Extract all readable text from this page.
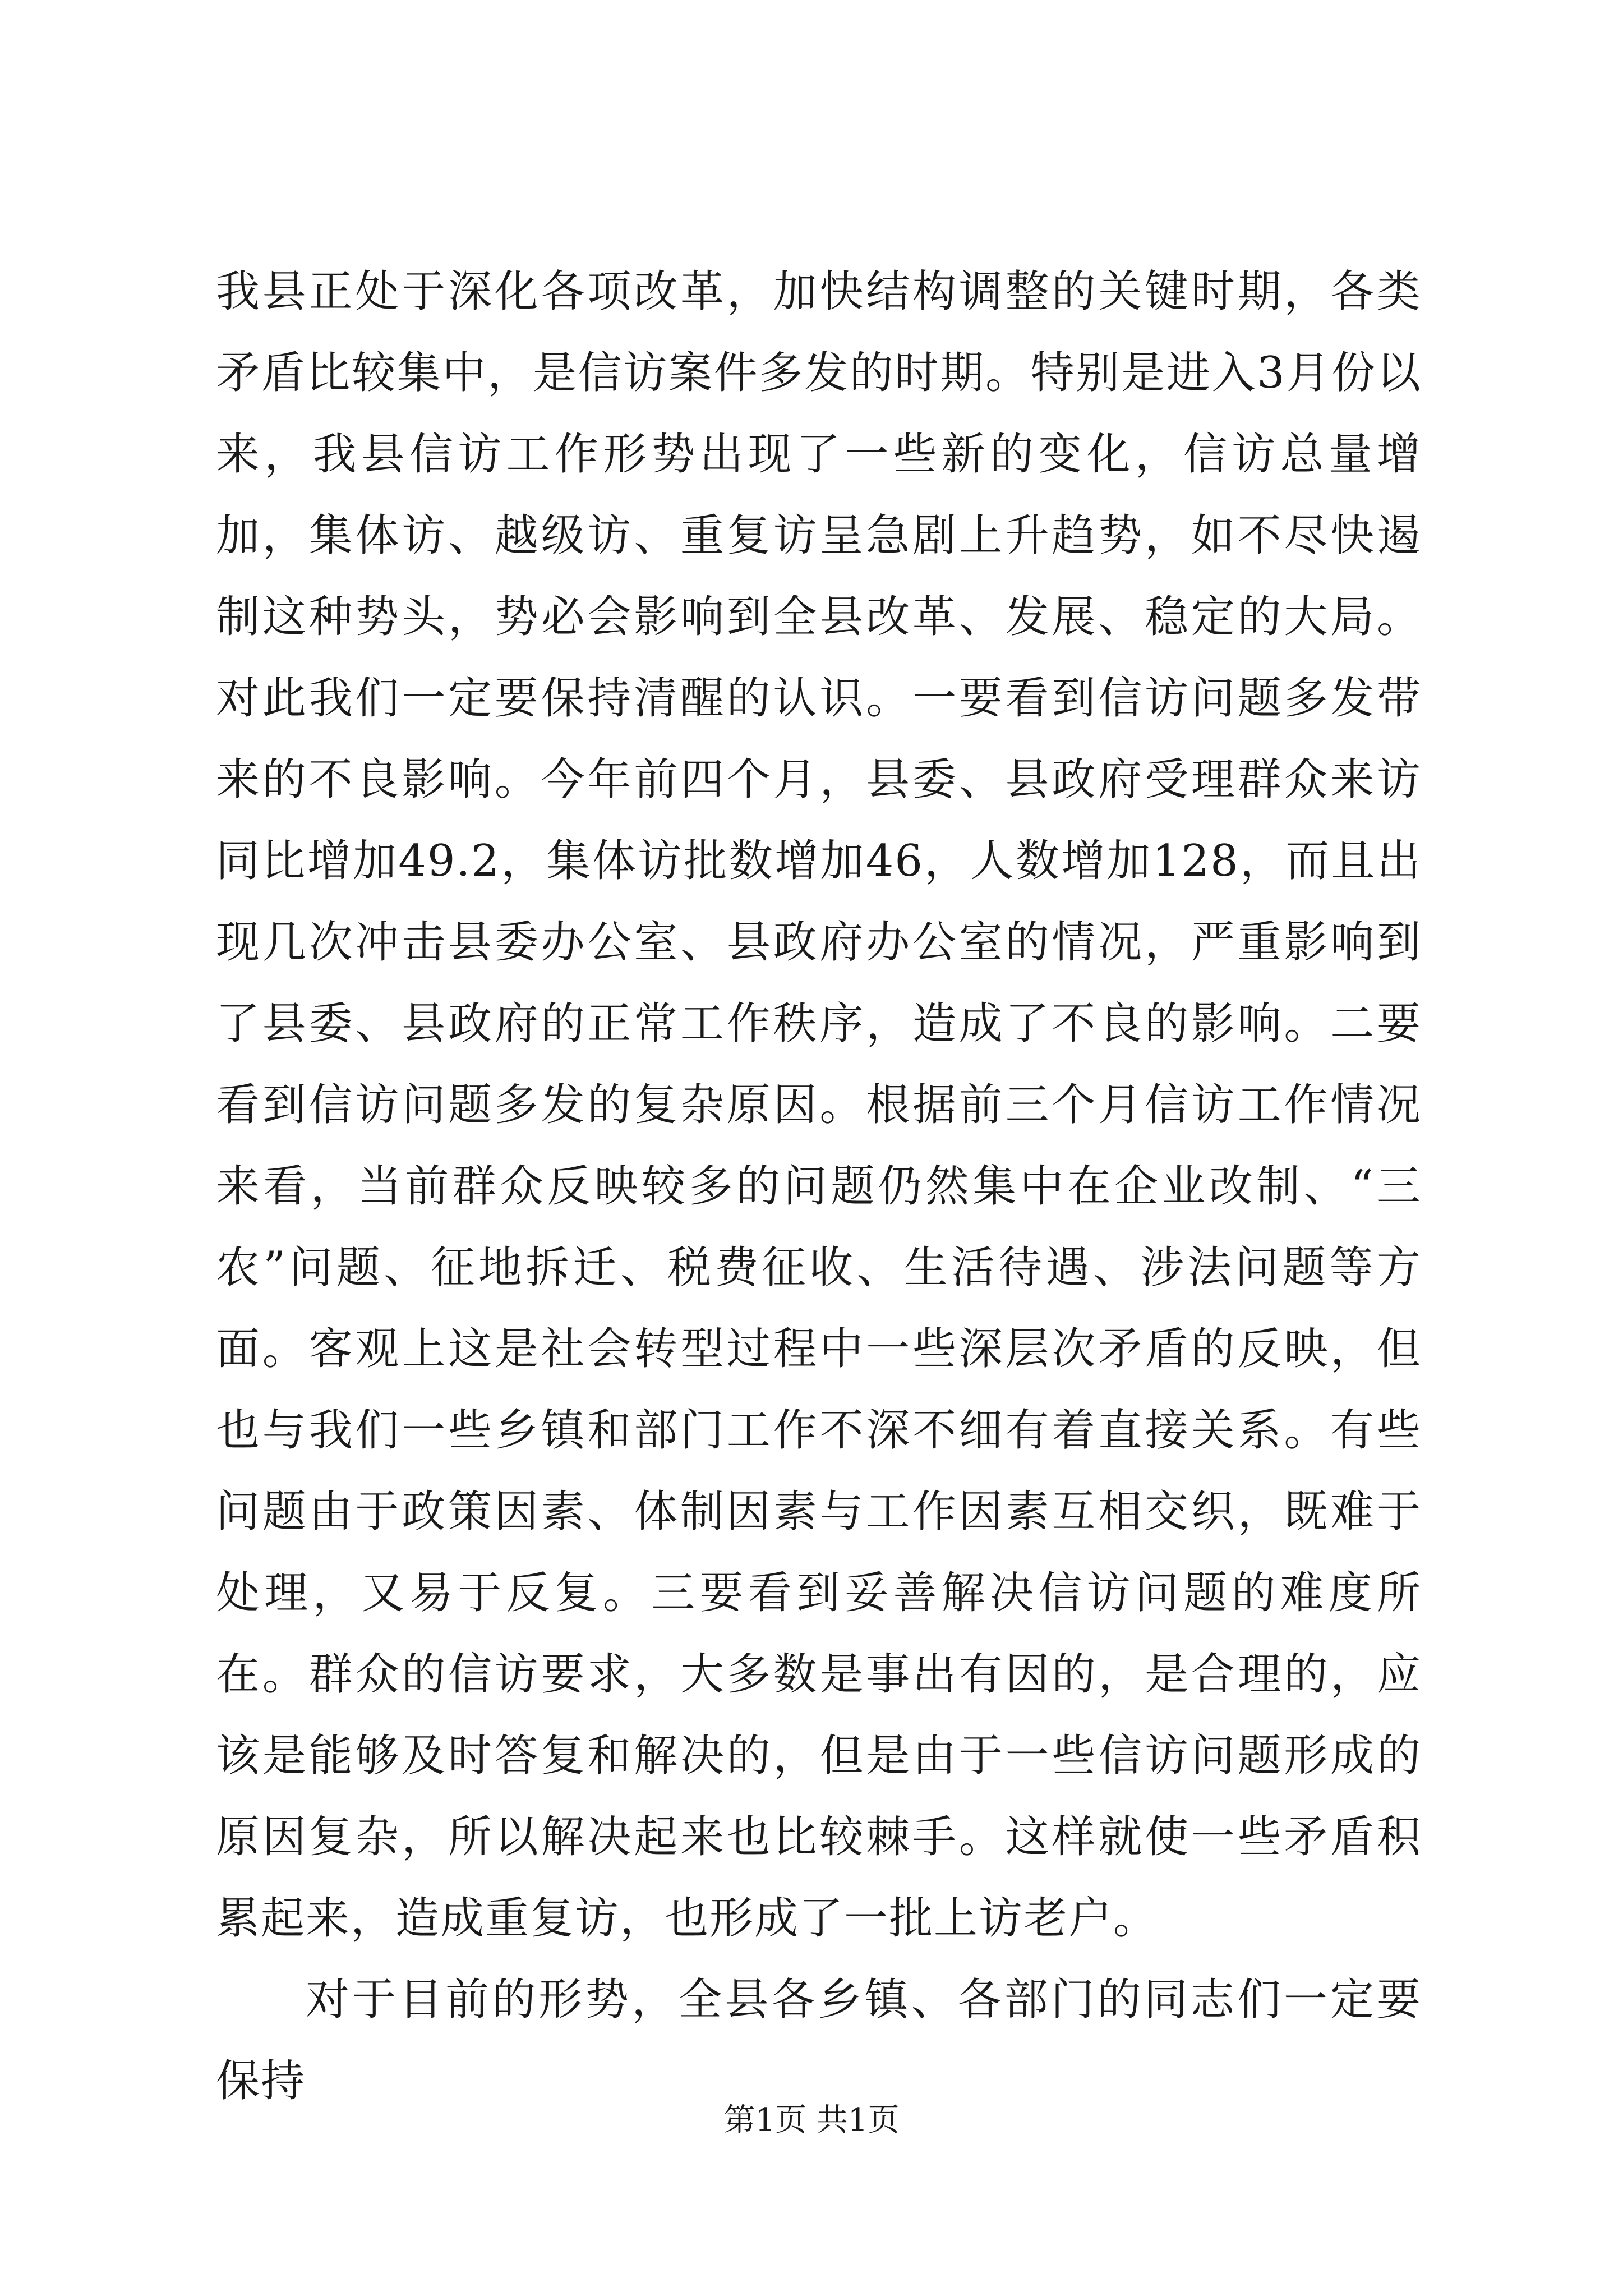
我县正处于深化各项改革，加快结构调整的关键时期，各类矛盾比较集中，是信访案件多发的时期。特别是进入3月份以来，我县信访工作形势出现了一些新的变化，信访总量增加，集体访、越级访、重复访呈急剧上升趋势，如不尽快遏制这种势头，势必会影响到全县改革、发展、稳定的大局。对此我们一定要保持清醒的认识。一要看到信访问题多发带来的不良影响。今年前四个月，县委、县政府受理群众来访同比增加49.2，集体访批数增加46，人数增加128，而且出现几次冲击县委办公室、县政府办公室的情况，严重影响到了县委、县政府的正常工作秩序，造成了不良的影响。二要看到信访问题多发的复杂原因。根据前三个月信访工作情况来看，当前群众反映较多的问题仍然集中在企业改制、“三农”问题、征地拆迁、税费征收、生活待遇、涉法问题等方面。客观上这是社会转型过程中一些深层次矛盾的反映，但也与我们一些乡镇和部门工作不深不细有着直接关系。有些问题由于政策因素、体制因素与工作因素互相交织，既难于处理，又易于反复。三要看到妥善解决信访问题的难度所在。群众的信访要求，大多数是事出有因的，是合理的，应该是能够及时答复和解决的，但是由于一些信访问题形成的原因复杂，所以解决起来也比较棘手。这样就使一些矛盾积累起来，造成重复访，也形成了一批上访老户。

对于目前的形势，全县各乡镇、各部门的同志们一定要保持

第1页 共1页
